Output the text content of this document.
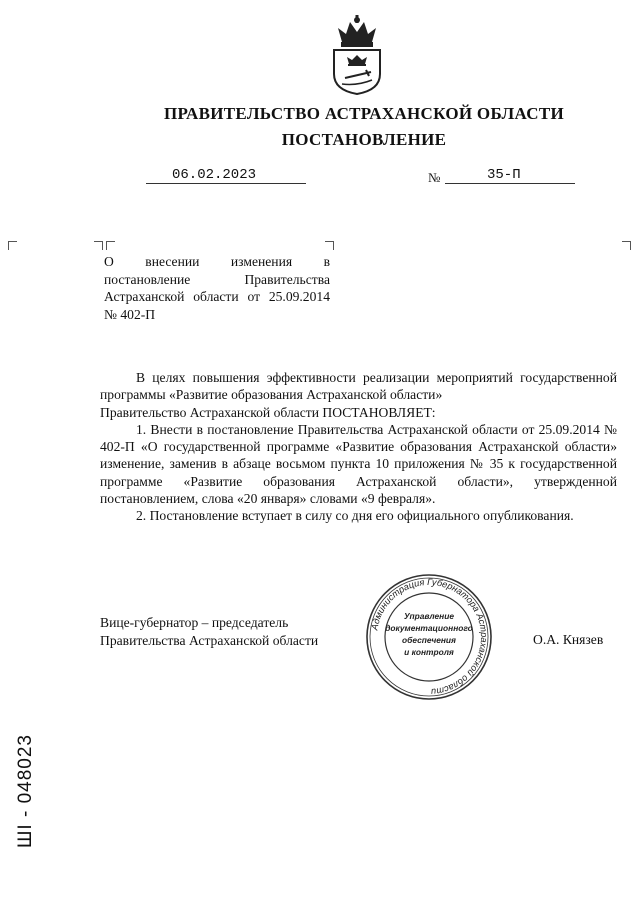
ПРАВИТЕЛЬСТВО АСТРАХАНСКОЙ ОБЛАСТИ
ПОСТАНОВЛЕНИЕ
06.02.2023	№	35-П
О внесении изменения в постановление Правительства Астраханской области от 25.09.2014 № 402-П
В целях повышения эффективности реализации мероприятий государственной программы «Развитие образования Астраханской области»
Правительство Астраханской области ПОСТАНОВЛЯЕТ:
1. Внести в постановление Правительства Астраханской области от 25.09.2014 № 402-П «О государственной программе «Развитие образования Астраханской области» изменение, заменив в абзаце восьмом пункта 10 приложения № 35 к государственной программе «Развитие образования Астраханской области», утвержденной постановлением, слова «20 января» словами «9 февраля».
2. Постановление вступает в силу со дня его официального опубликования.
Вице-губернатор – председатель
Правительства Астраханской области	О.А. Князев
Администрация Губернатора Астраханской области
Управление
документационного
обеспечения
и контроля
ШI - 048023
